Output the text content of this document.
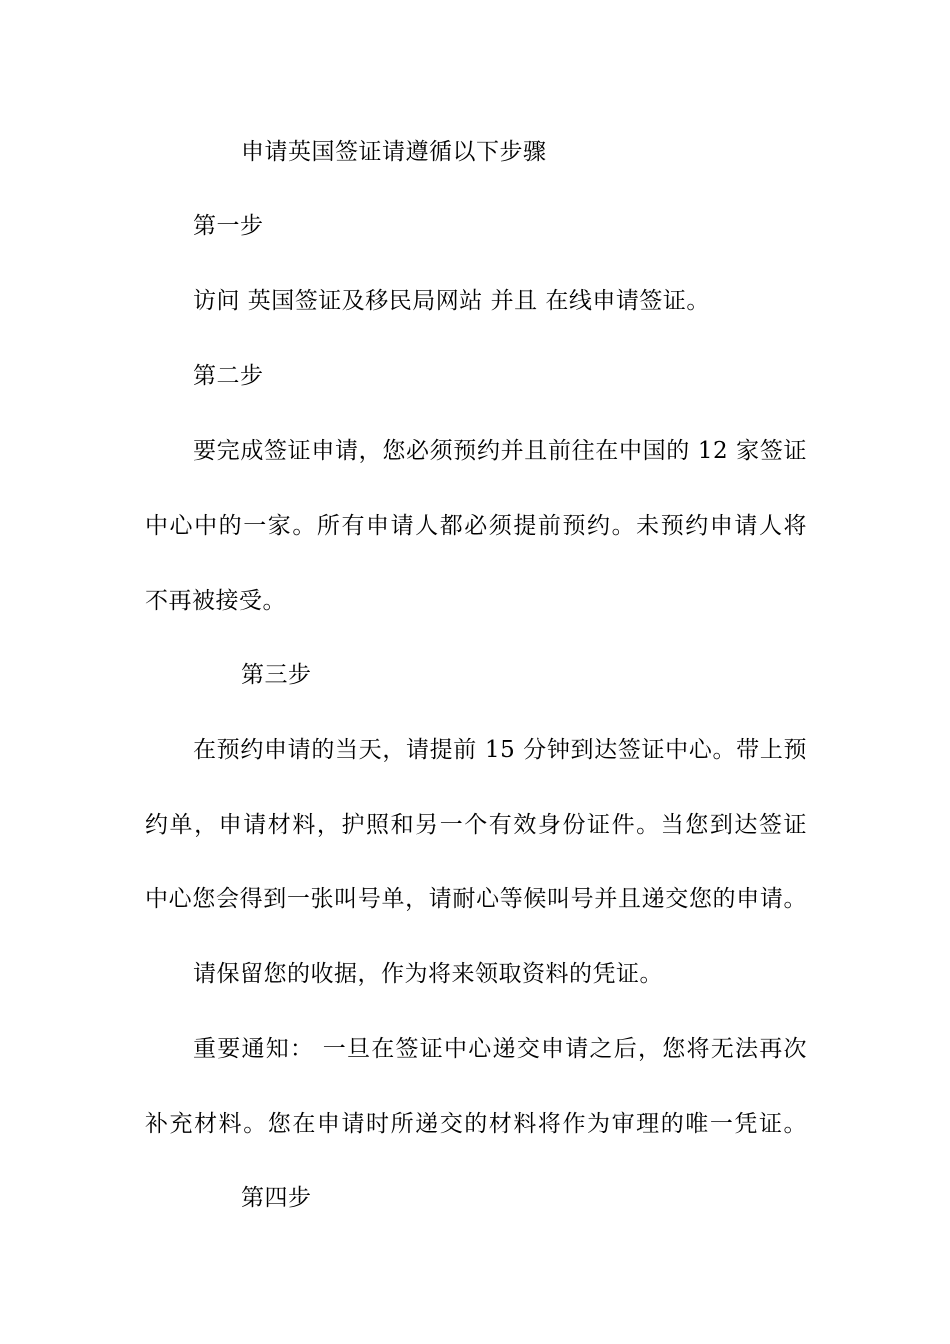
申请英国签证请遵循以下步骤
第一步
访问 英国签证及移民局网站 并且 在线申请签证。
第二步
要完成签证申请，您必须预约并且前往在中国的 12 家签证
中心中的一家。所有申请人都必须提前预约。未预约申请人将
不再被接受。
第三步
在预约申请的当天，请提前 15 分钟到达签证中心。带上预
约单，申请材料，护照和另一个有效身份证件。当您到达签证
中心您会得到一张叫号单，请耐心等候叫号并且递交您的申请。
请保留您的收据，作为将来领取资料的凭证。
重要通知： 一旦在签证中心递交申请之后，您将无法再次
补充材料。您在申请时所递交的材料将作为审理的唯一凭证。
第四步
